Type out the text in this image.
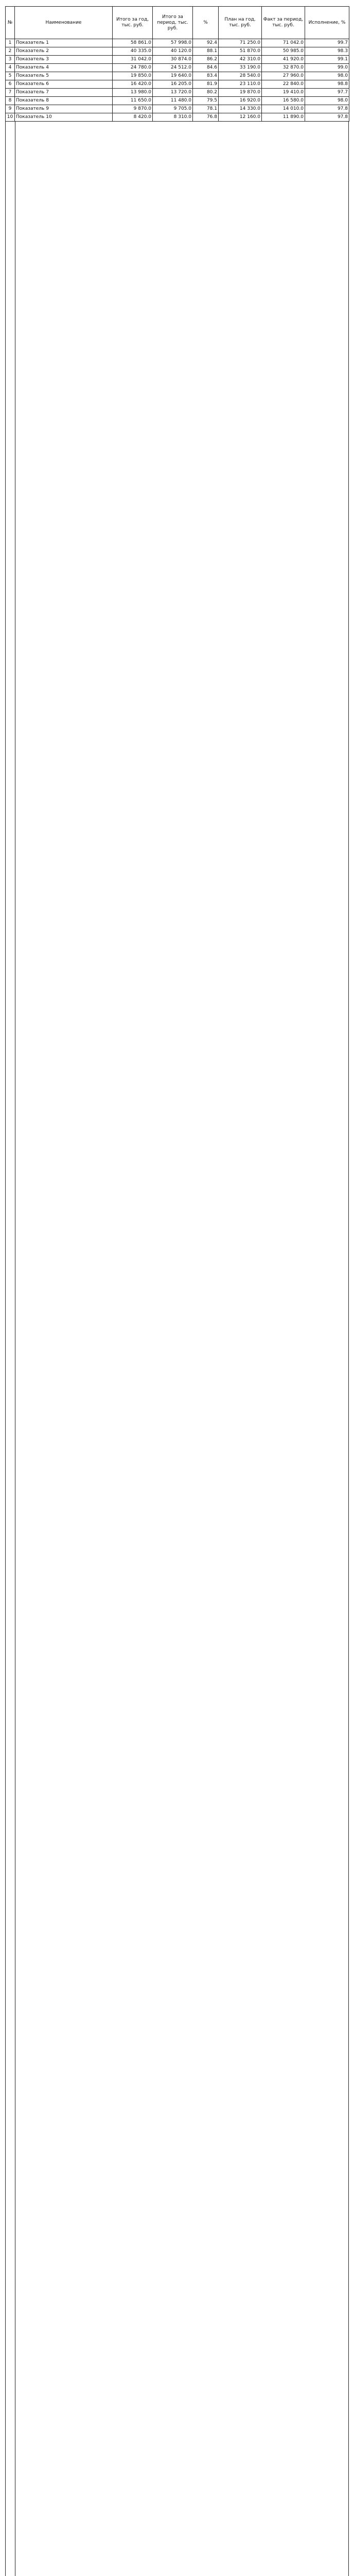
№	Наименование	Итого за год, тыс. руб.	Итого за период, тыс. руб.	%	План на год, тыс. руб.	Факт за период, тыс. руб.	Исполнение, %
1	Показатель 1	58 861.0	57 998.0	92.4	71 250.0	71 042.0	99.7
2	Показатель 2	40 335.0	40 120.0	88.1	51 870.0	50 985.0	98.3
3	Показатель 3	31 042.0	30 874.0	86.2	42 310.0	41 920.0	99.1
4	Показатель 4	24 780.0	24 512.0	84.6	33 190.0	32 870.0	99.0
5	Показатель 5	19 850.0	19 640.0	83.4	28 540.0	27 960.0	98.0
6	Показатель 6	16 420.0	16 205.0	81.9	23 110.0	22 840.0	98.8
7	Показатель 7	13 980.0	13 720.0	80.2	19 870.0	19 410.0	97.7
8	Показатель 8	11 650.0	11 480.0	79.5	16 920.0	16 580.0	98.0
9	Показатель 9	9 870.0	9 705.0	78.1	14 330.0	14 010.0	97.8
10	Показатель 10	8 420.0	8 310.0	76.8	12 160.0	11 890.0	97.8
